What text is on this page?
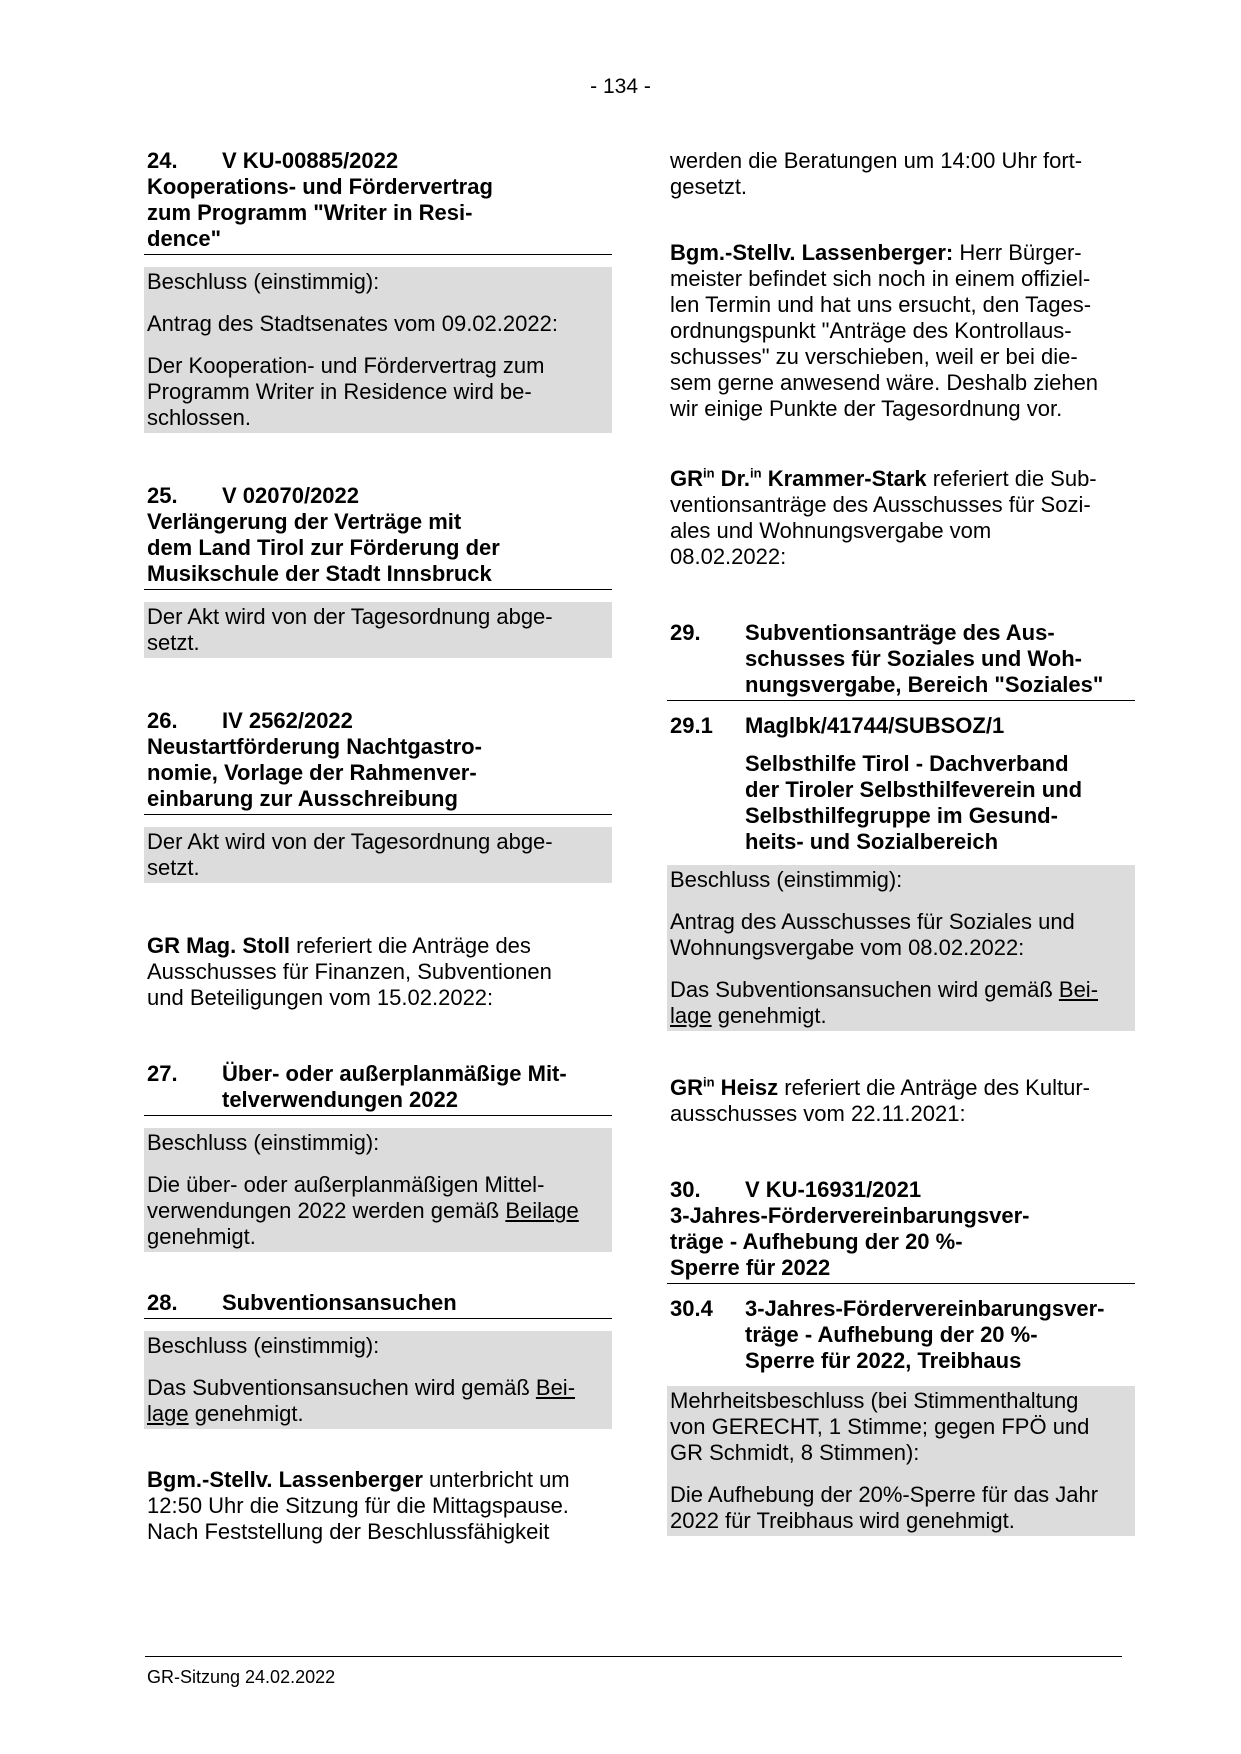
- 134 -
24.	V KU-00885/2022
Kooperations- und Fördervertrag
zum Programm "Writer in Resi-
dence"

Beschluss (einstimmig):

Antrag des Stadtsenates vom 09.02.2022:

Der Kooperation- und Fördervertrag zum
Programm Writer in Residence wird be-
schlossen.

25.	V 02070/2022
Verlängerung der Verträge mit
dem Land Tirol zur Förderung der
Musikschule der Stadt Innsbruck

Der Akt wird von der Tagesordnung abge-
setzt.

26.	IV 2562/2022
Neustartförderung Nachtgastro-
nomie, Vorlage der Rahmenver-
einbarung zur Ausschreibung

Der Akt wird von der Tagesordnung abge-
setzt.

GR Mag. Stoll referiert die Anträge des
Ausschusses für Finanzen, Subventionen
und Beteiligungen vom 15.02.2022:

27.	Über- oder außerplanmäßige Mit-
telverwendungen 2022

Beschluss (einstimmig):

Die über- oder außerplanmäßigen Mittel-
verwendungen 2022 werden gemäß Beilage
genehmigt.

28.	Subventionsansuchen

Beschluss (einstimmig):

Das Subventionsansuchen wird gemäß Bei-
lage genehmigt.

Bgm.-Stellv. Lassenberger unterbricht um
12:50 Uhr die Sitzung für die Mittagspause.
Nach Feststellung der Beschlussfähigkeit

werden die Beratungen um 14:00 Uhr fort-
gesetzt.

Bgm.-Stellv. Lassenberger: Herr Bürger-
meister befindet sich noch in einem offiziel-
len Termin und hat uns ersucht, den Tages-
ordnungspunkt "Anträge des Kontrollaus-
schusses" zu verschieben, weil er bei die-
sem gerne anwesend wäre. Deshalb ziehen
wir einige Punkte der Tagesordnung vor.

$GR^{in}$ Dr.$^{in}$ Krammer-Stark referiert die Sub-
ventionsanträge des Ausschusses für Sozi-
ales und Wohnungsvergabe vom
08.02.2022:

29.	Subventionsanträge des Aus-
schusses für Soziales und Woh-
nungsvergabe, Bereich "Soziales"
29.1	Maglbk/41744/SUBSOZ/1
Selbsthilfe Tirol - Dachverband
der Tiroler Selbsthilfeverein und
Selbsthilfegruppe im Gesund-
heits- und Sozialbereich

Beschluss (einstimmig):

Antrag des Ausschusses für Soziales und
Wohnungsvergabe vom 08.02.2022:

Das Subventionsansuchen wird gemäß Bei-
lage genehmigt.

$GR^{in}$ Heisz referiert die Anträge des Kultur-
ausschusses vom 22.11.2021:

30.	V KU-16931/2021
3-Jahres-Fördervereinbarungsver-
träge - Aufhebung der 20 %-
Sperre für 2022
30.4	3-Jahres-Fördervereinbarungsver-
träge - Aufhebung der 20 %-
Sperre für 2022, Treibhaus

Mehrheitsbeschluss (bei Stimmenthaltung
von GERECHT, 1 Stimme; gegen FPÖ und
GR Schmidt, 8 Stimmen):

Die Aufhebung der 20%-Sperre für das Jahr
2022 für Treibhaus wird genehmigt.

GR-Sitzung 24.02.2022
